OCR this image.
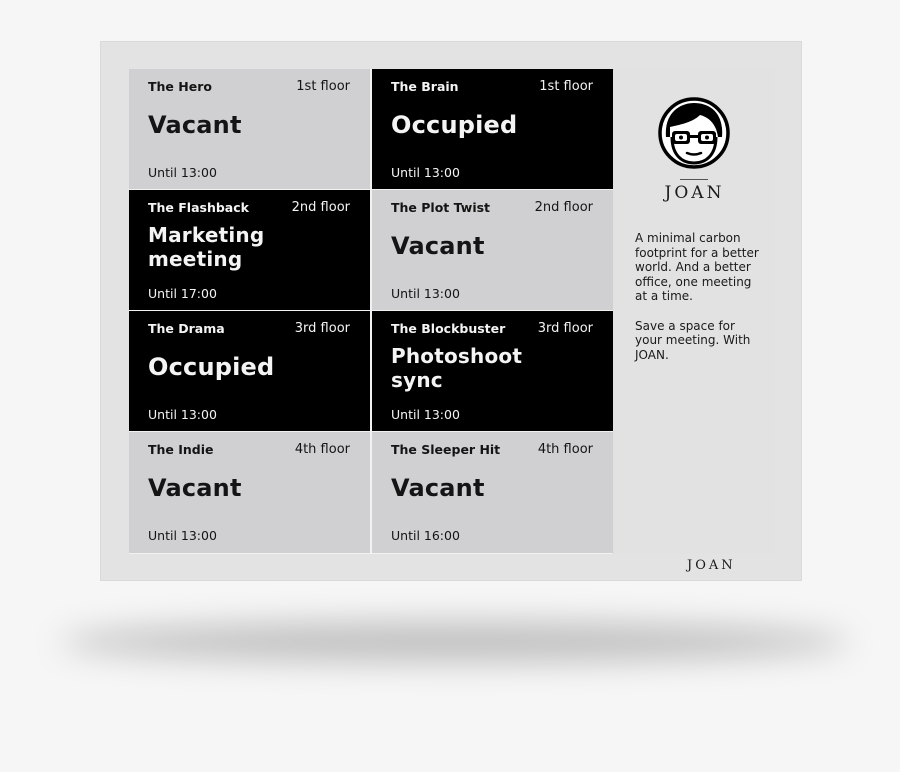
The Hero	1st floor
Vacant
Until 13:00
The Brain	1st floor
Occupied
Until 13:00
The Flashback	2nd floor
Marketing meeting
Until 17:00
The Plot Twist	2nd floor
Vacant
Until 13:00
The Drama	3rd floor
Occupied
Until 13:00
The Blockbuster 3rd floor
Photoshoot sync
Until 13:00
The Indie	4th floor
Vacant
Until 13:00
The Sleeper Hit	4th floor
Vacant
Until 16:00
JOAN

A minimal carbon footprint for a better world. And a better office, one meeting at a time.

Save a space for your meeting. With JOAN.

JOAN
